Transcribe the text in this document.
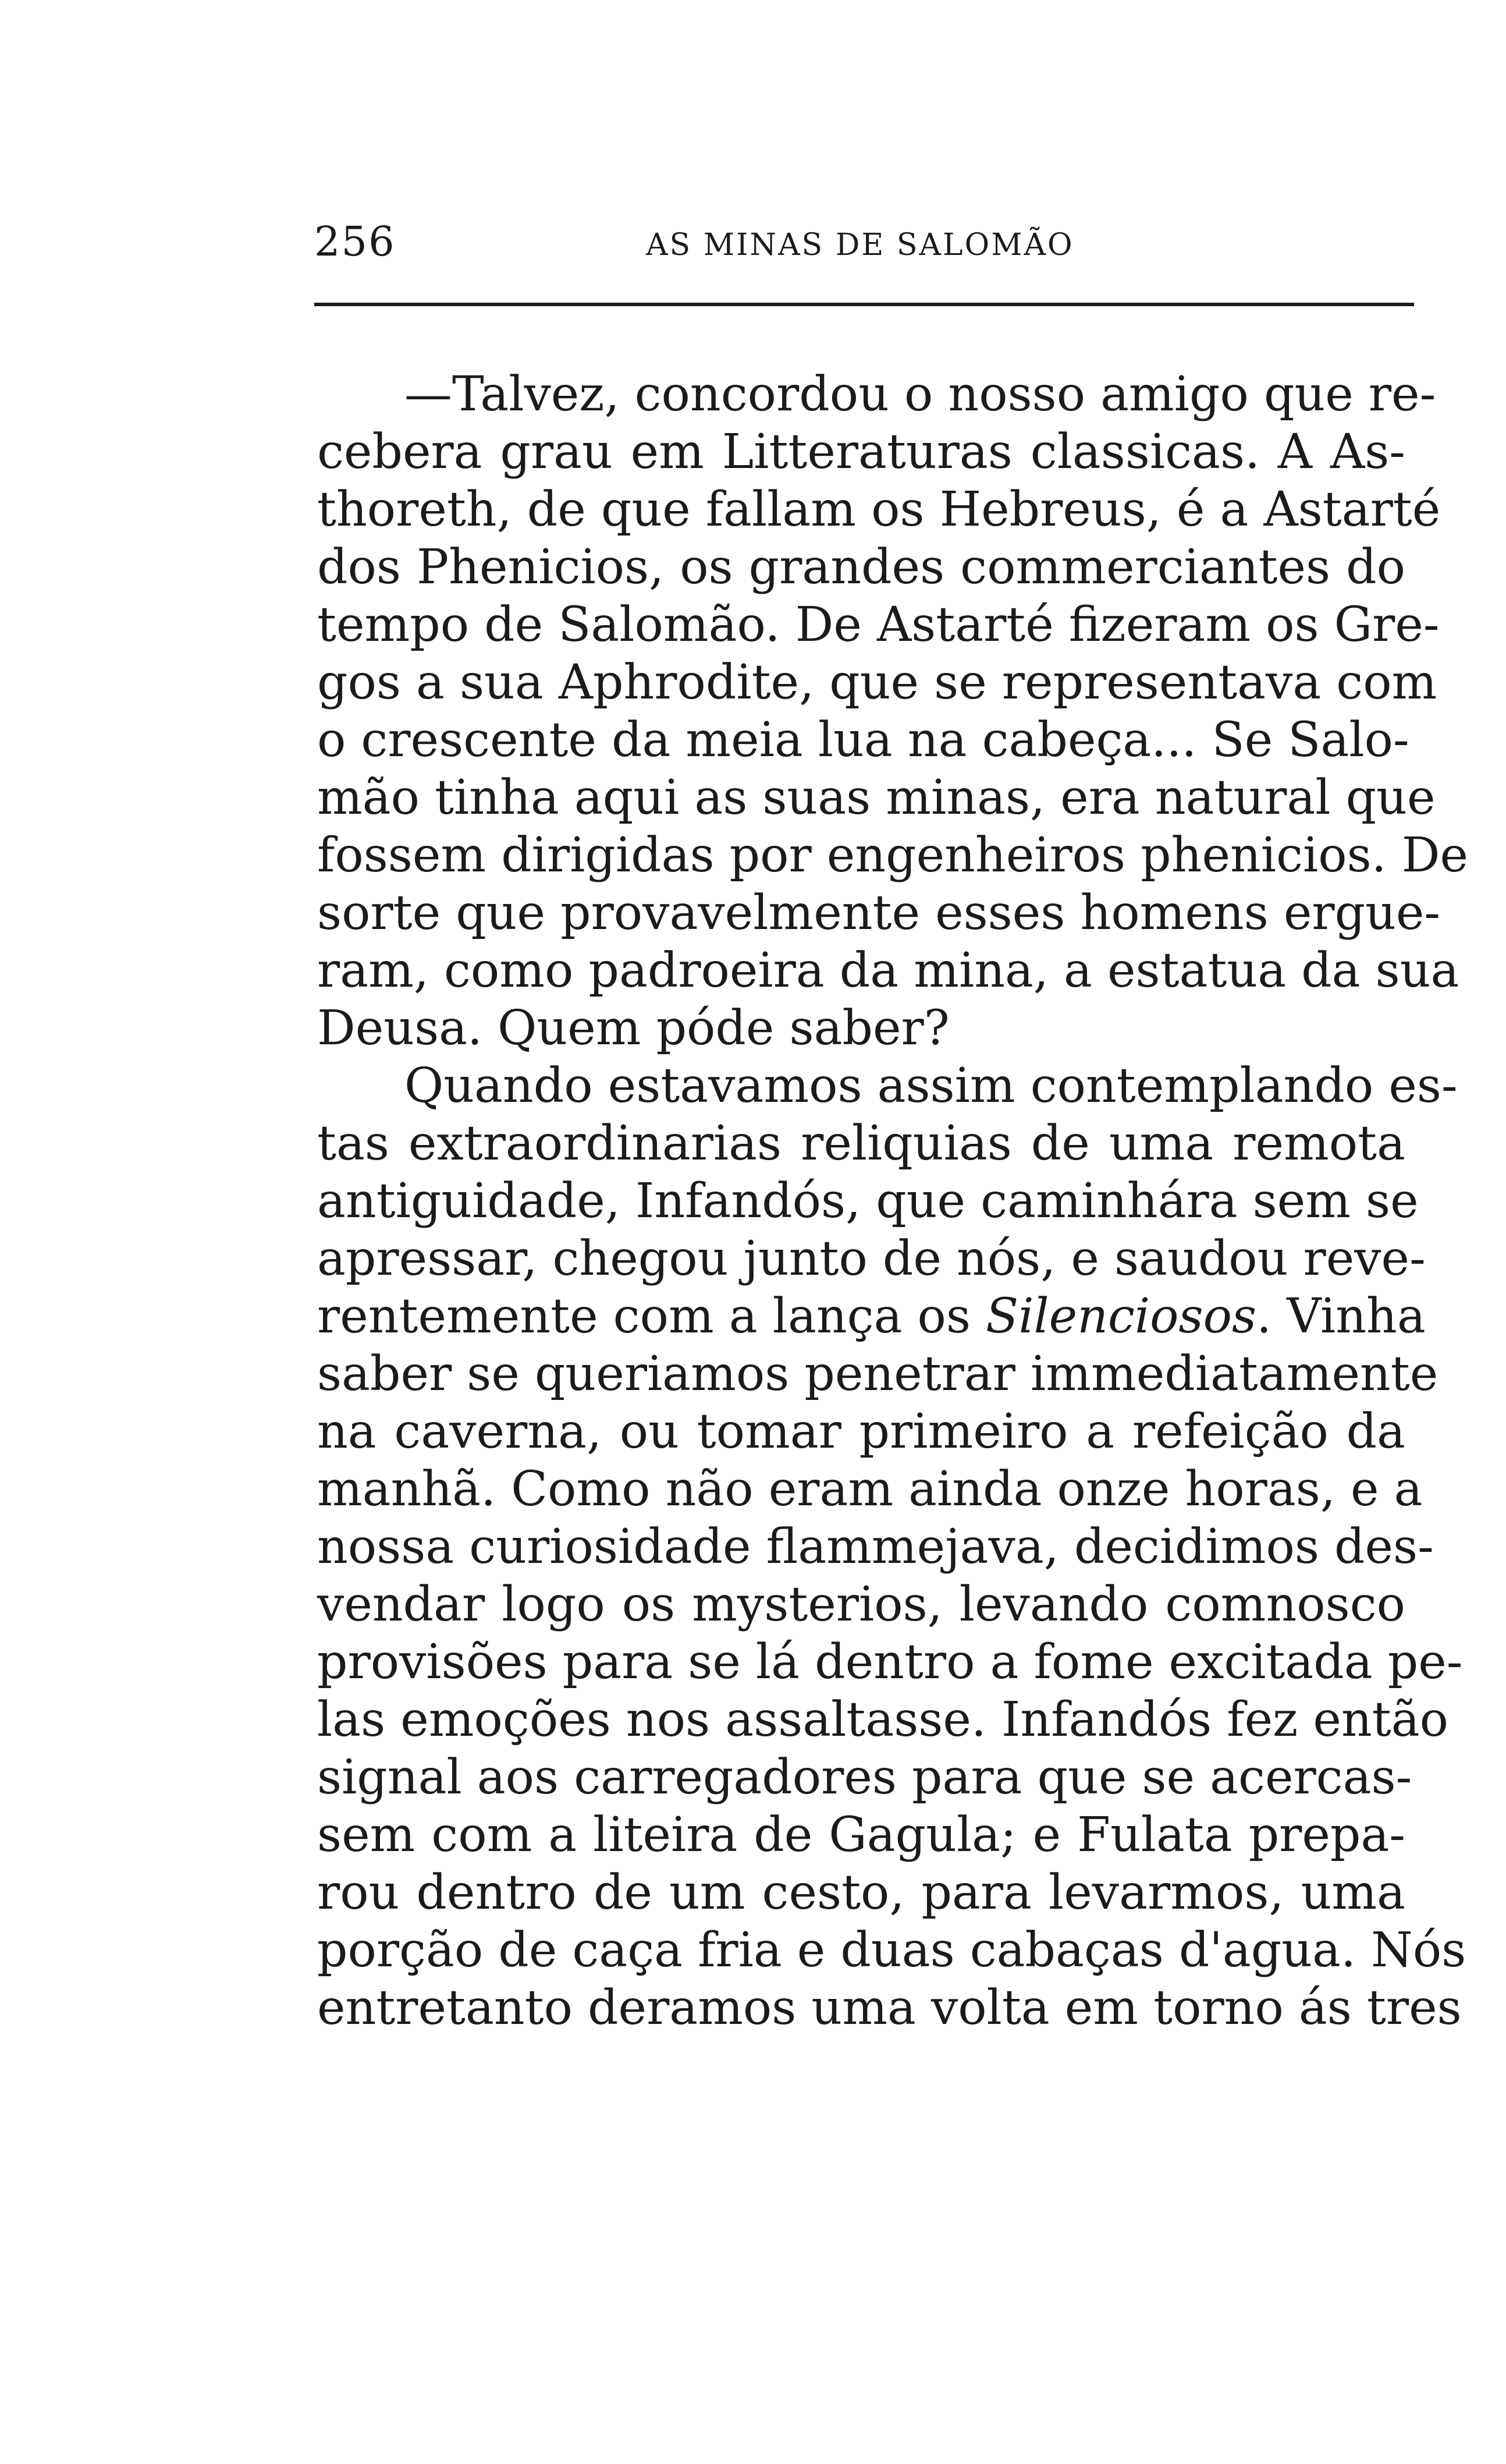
256	AS MINAS DE SALOMÃO
—Talvez, concordou o nosso amigo que re-
cebera grau em Litteraturas classicas. A As-
thoreth, de que fallam os Hebreus, é a Astarté
dos Phenicios, os grandes commerciantes do
tempo de Salomão. De Astarté fizeram os Gre-
gos a sua Aphrodite, que se representava com
o crescente da meia lua na cabeça... Se Salo-
mão tinha aqui as suas minas, era natural que
fossem dirigidas por engenheiros phenicios. De
sorte que provavelmente esses homens ergue-
ram, como padroeira da mina, a estatua da sua
Deusa. Quem póde saber?
Quando estavamos assim contemplando es-
tas extraordinarias reliquias de uma remota
antiguidade, Infandós, que caminhára sem se
apressar, chegou junto de nós, e saudou reve-
rentemente com a lança os Silenciosos. Vinha
saber se queriamos penetrar immediatamente
na caverna, ou tomar primeiro a refeição da
manhã. Como não eram ainda onze horas, e a
nossa curiosidade flammejava, decidimos des-
vendar logo os mysterios, levando comnosco
provisões para se lá dentro a fome excitada pe-
las emoções nos assaltasse. Infandós fez então
signal aos carregadores para que se acercas-
sem com a liteira de Gagula; e Fulata prepa-
rou dentro de um cesto, para levarmos, uma
porção de caça fria e duas cabaças d'agua. Nós
entretanto deramos uma volta em torno ás tres
